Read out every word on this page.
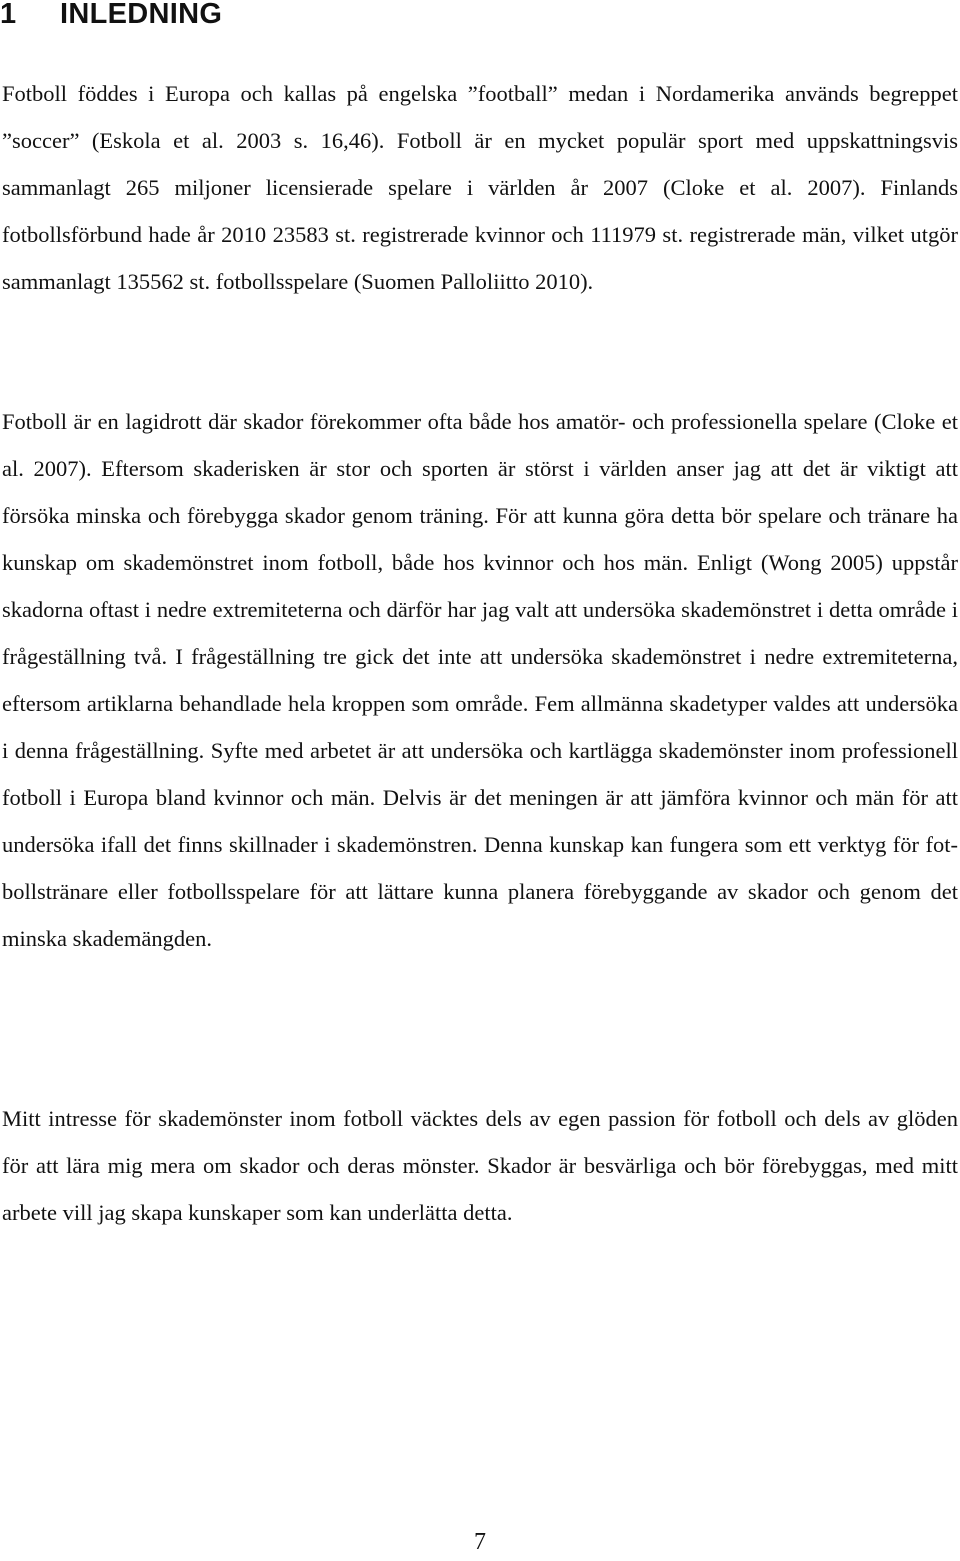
1 INLEDNING

Fotboll föddes i Europa och kallas på engelska ”football” medan i Nordamerika används begreppet ”soccer” (Eskola et al. 2003 s. 16,46). Fotboll är en mycket populär sport med uppskattningsvis sammanlagt 265 miljoner licensierade spelare i världen år 2007 (Cloke et al. 2007). Finlands fotbollsförbund hade år 2010 23583 st. registrerade kvinnor och 111979 st. registrerade män, vilket utgör sammanlagt 135562 st. fotbollsspelare (Suomen Palloliitto 2010).

Fotboll är en lagidrott där skador förekommer ofta både hos amatör- och professionella spelare (Cloke et al. 2007). Eftersom skaderisken är stor och sporten är störst i världen anser jag att det är viktigt att försöka minska och förebygga skador genom träning. För att kunna göra detta bör spelare och tränare ha kunskap om skademönstret inom fotboll, både hos kvinnor och hos män. Enligt (Wong 2005) uppstår skadorna oftast i nedre extremiteterna och därför har jag valt att undersöka skademönstret i detta område i frågeställning två. I frågeställning tre gick det inte att undersöka skademönstret i nedre extremiteterna, eftersom artiklarna behandlade hela kroppen som område. Fem allmänna skadetyper valdes att undersöka i denna frågeställning. Syfte med arbetet är att undersöka och kartlägga skademönster inom professionell fotboll i Europa bland kvinnor och män. Delvis är det meningen är att jämföra kvinnor och män för att undersöka ifall det finns skillnader i skademönstren. Denna kunskap kan fungera som ett verktyg för fotbollstränare eller fotbollsspelare för att lättare kunna planera förebyggande av skador och genom det minska skademängden.

Mitt intresse för skademönster inom fotboll väcktes dels av egen passion för fotboll och dels av glöden för att lära mig mera om skador och deras mönster. Skador är besvärliga och bör förebyggas, med mitt arbete vill jag skapa kunskaper som kan underlätta detta.

7
